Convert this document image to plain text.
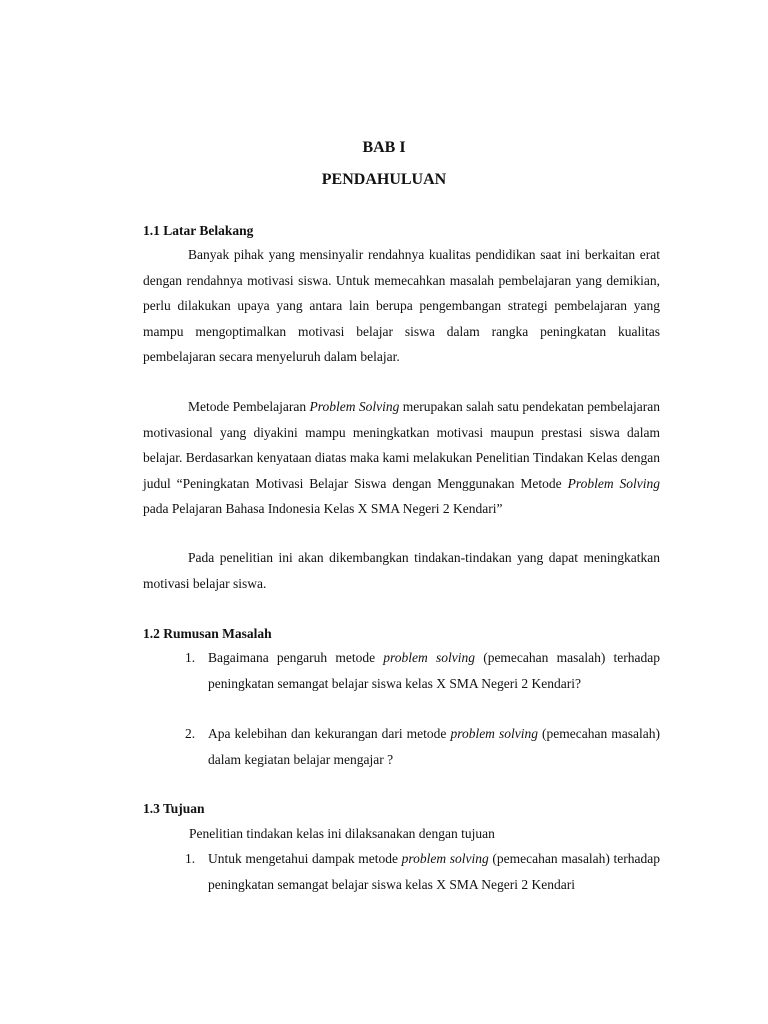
BAB I
PENDAHULUAN
1.1 Latar Belakang

Banyak pihak yang mensinyalir rendahnya kualitas pendidikan saat ini berkaitan erat dengan rendahnya motivasi siswa. Untuk memecahkan masalah pembelajaran yang demikian, perlu dilakukan upaya yang antara lain berupa pengembangan strategi pembelajaran yang mampu mengoptimalkan motivasi belajar siswa dalam rangka peningkatan kualitas pembelajaran secara menyeluruh dalam belajar.

Metode Pembelajaran Problem Solving merupakan salah satu pendekatan pembelajaran motivasional yang diyakini mampu meningkatkan motivasi maupun prestasi siswa dalam belajar. Berdasarkan kenyataan diatas maka kami melakukan Penelitian Tindakan Kelas dengan judul “Peningkatan Motivasi Belajar Siswa dengan Menggunakan Metode Problem Solving pada Pelajaran Bahasa Indonesia Kelas X SMA Negeri 2 Kendari”

Pada penelitian ini akan dikembangkan tindakan-tindakan yang dapat meningkatkan motivasi belajar siswa.

1.2 Rumusan Masalah

1. Bagaimana pengaruh metode problem solving (pemecahan masalah) terhadap peningkatan semangat belajar siswa kelas X SMA Negeri 2 Kendari?

2. Apa kelebihan dan kekurangan dari metode problem solving (pemecahan masalah) dalam kegiatan belajar mengajar ?

1.3 Tujuan

Penelitian tindakan kelas ini dilaksanakan dengan tujuan

1. Untuk mengetahui dampak metode problem solving (pemecahan masalah) terhadap peningkatan semangat belajar siswa kelas X SMA Negeri 2 Kendari
